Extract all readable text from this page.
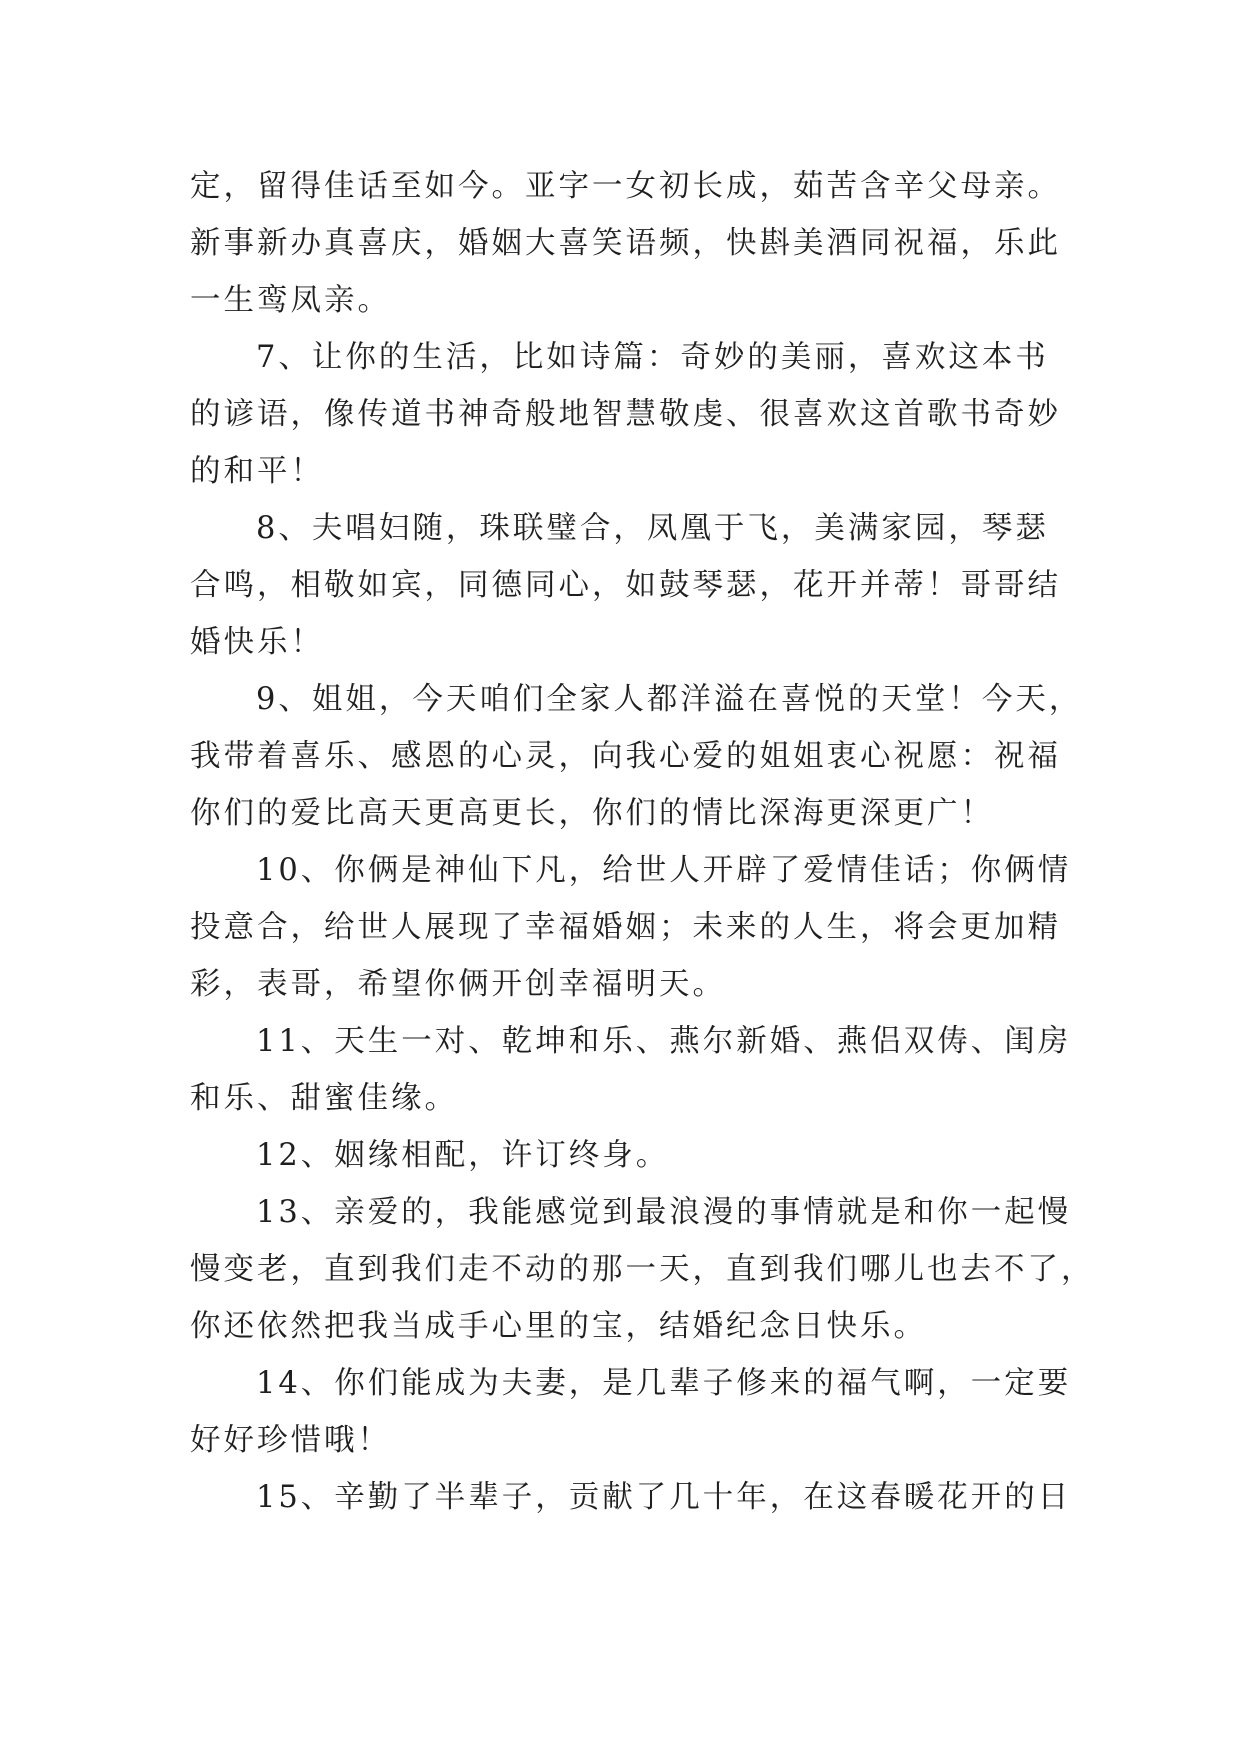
定，留得佳话至如今。亚字一女初长成，茹苦含辛父母亲。
新事新办真喜庆，婚姻大喜笑语频，快斟美酒同祝福，乐此
一生鸾凤亲。
7、让你的生活，比如诗篇：奇妙的美丽，喜欢这本书
的谚语，像传道书神奇般地智慧敬虔、很喜欢这首歌书奇妙
的和平！
8、夫唱妇随，珠联璧合，凤凰于飞，美满家园，琴瑟
合鸣，相敬如宾，同德同心，如鼓琴瑟，花开并蒂！哥哥结
婚快乐！
9、姐姐，今天咱们全家人都洋溢在喜悦的天堂！今天，
我带着喜乐、感恩的心灵，向我心爱的姐姐衷心祝愿：祝福
你们的爱比高天更高更长，你们的情比深海更深更广！
10、你俩是神仙下凡，给世人开辟了爱情佳话；你俩情
投意合，给世人展现了幸福婚姻；未来的人生，将会更加精
彩，表哥，希望你俩开创幸福明天。
11、天生一对、乾坤和乐、燕尔新婚、燕侣双俦、闺房
和乐、甜蜜佳缘。
12、姻缘相配，许订终身。
13、亲爱的，我能感觉到最浪漫的事情就是和你一起慢
慢变老，直到我们走不动的那一天，直到我们哪儿也去不了，
你还依然把我当成手心里的宝，结婚纪念日快乐。
14、你们能成为夫妻，是几辈子修来的福气啊，一定要
好好珍惜哦！
15、辛勤了半辈子，贡献了几十年，在这春暖花开的日
